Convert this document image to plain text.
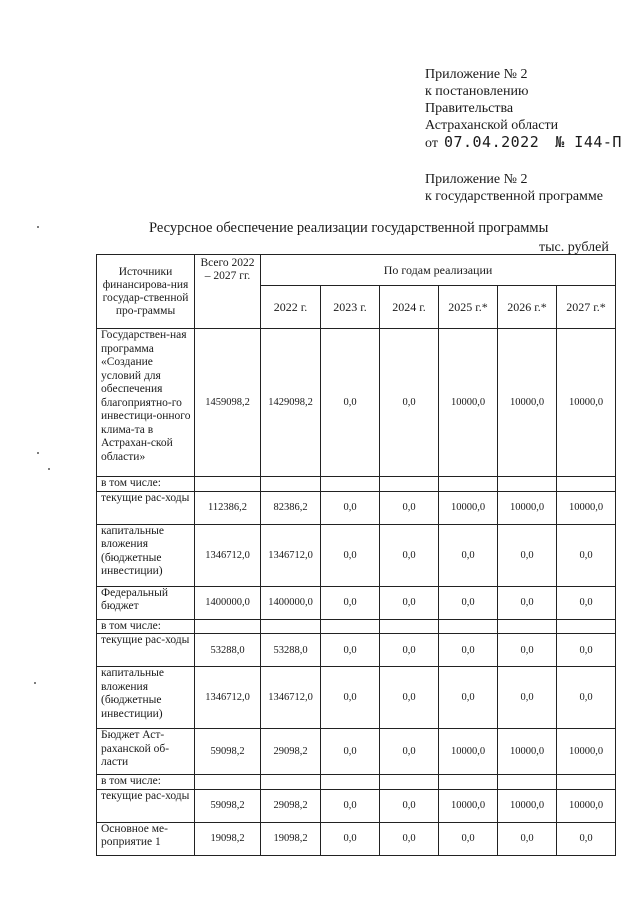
Приложение № 2
к постановлению
Правительства
Астраханской области
от 07.04.2022 № I44-П
Приложение № 2
к государственной программе
Ресурсное обеспечение реализации государственной программы
тыс. рублей
Источники финансирова-ния государ-ственной про-граммы	Всего 2022 – 2027 гг.	По годам реализации					
		2022 г.	2023 г.	2024 г.	2025 г.*	2026 г.*	2027 г.*
Государствен-ная программа «Создание условий для обеспечения благоприятно-го инвестици-онного клима-та в Астрахан-ской области»	1459098,2	1429098,2	0,0	0,0	10000,0	10000,0	10000,0
в том числе:							
текущие рас-ходы	112386,2	82386,2	0,0	0,0	10000,0	10000,0	10000,0
капитальные вложения (бюджетные инвестиции)	1346712,0	1346712,0	0,0	0,0	0,0	0,0	0,0
Федеральный бюджет	1400000,0	1400000,0	0,0	0,0	0,0	0,0	0,0
в том числе:							
текущие рас-ходы	53288,0	53288,0	0,0	0,0	0,0	0,0	0,0
капитальные вложения (бюджетные инвестиции)	1346712,0	1346712,0	0,0	0,0	0,0	0,0	0,0
Бюджет Аст-раханской об-ласти	59098,2	29098,2	0,0	0,0	10000,0	10000,0	10000,0
в том числе:							
текущие рас-ходы	59098,2	29098,2	0,0	0,0	10000,0	10000,0	10000,0
Основное ме-роприятие 1	19098,2	19098,2	0,0	0,0	0,0	0,0	0,0
